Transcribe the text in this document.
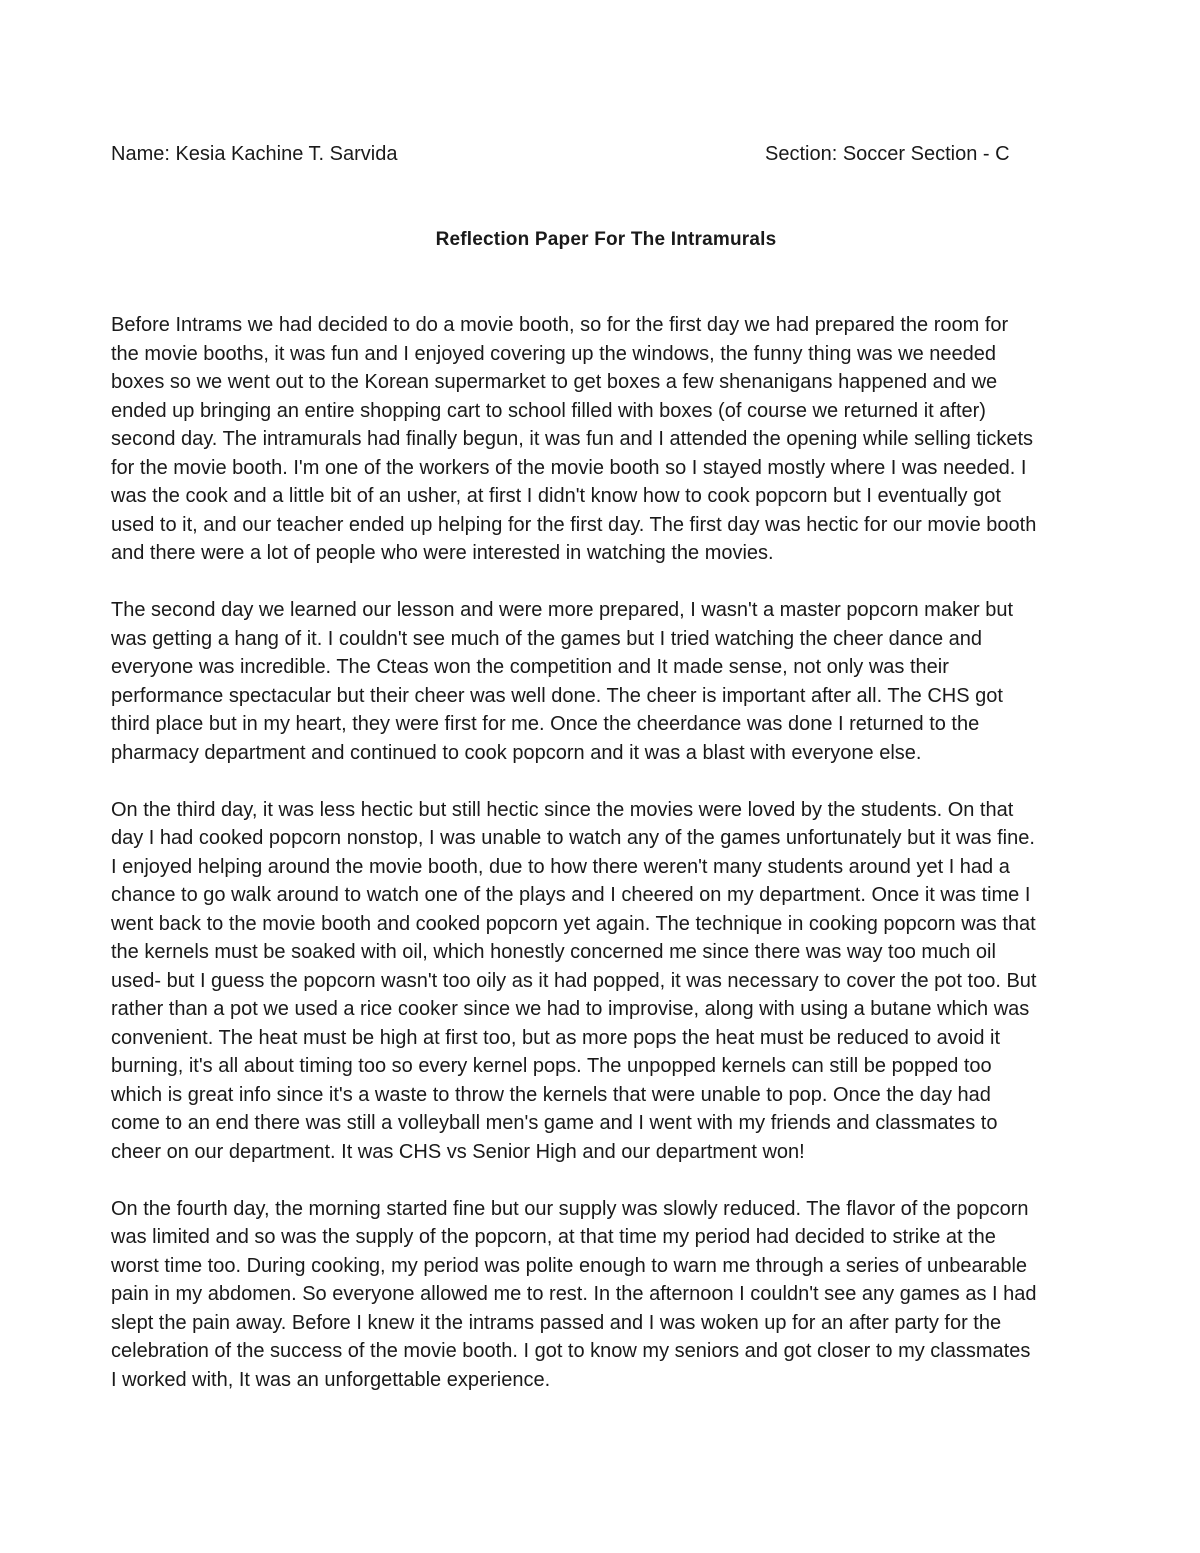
Name: Kesia Kachine T. Sarvida	Section: Soccer Section - C
Reflection Paper For The Intramurals

Before Intrams we had decided to do a movie booth, so for the first day we had prepared the room for
the movie booths, it was fun and I enjoyed covering up the windows, the funny thing was we needed
boxes so we went out to the Korean supermarket to get boxes a few shenanigans happened and we
ended up bringing an entire shopping cart to school filled with boxes (of course we returned it after)
second day. The intramurals had finally begun, it was fun and I attended the opening while selling tickets
for the movie booth. I'm one of the workers of the movie booth so I stayed mostly where I was needed. I
was the cook and a little bit of an usher, at first I didn't know how to cook popcorn but I eventually got
used to it, and our teacher ended up helping for the first day. The first day was hectic for our movie booth
and there were a lot of people who were interested in watching the movies.

The second day we learned our lesson and were more prepared, I wasn't a master popcorn maker but
was getting a hang of it. I couldn't see much of the games but I tried watching the cheer dance and
everyone was incredible. The Cteas won the competition and It made sense, not only was their
performance spectacular but their cheer was well done. The cheer is important after all. The CHS got
third place but in my heart, they were first for me. Once the cheerdance was done I returned to the
pharmacy department and continued to cook popcorn and it was a blast with everyone else.

On the third day, it was less hectic but still hectic since the movies were loved by the students. On that
day I had cooked popcorn nonstop, I was unable to watch any of the games unfortunately but it was fine.
I enjoyed helping around the movie booth, due to how there weren't many students around yet I had a
chance to go walk around to watch one of the plays and I cheered on my department. Once it was time I
went back to the movie booth and cooked popcorn yet again. The technique in cooking popcorn was that
the kernels must be soaked with oil, which honestly concerned me since there was way too much oil
used- but I guess the popcorn wasn't too oily as it had popped, it was necessary to cover the pot too. But
rather than a pot we used a rice cooker since we had to improvise, along with using a butane which was
convenient. The heat must be high at first too, but as more pops the heat must be reduced to avoid it
burning, it's all about timing too so every kernel pops. The unpopped kernels can still be popped too
which is great info since it's a waste to throw the kernels that were unable to pop. Once the day had
come to an end there was still a volleyball men's game and I went with my friends and classmates to
cheer on our department. It was CHS vs Senior High and our department won!

On the fourth day, the morning started fine but our supply was slowly reduced. The flavor of the popcorn
was limited and so was the supply of the popcorn, at that time my period had decided to strike at the
worst time too. During cooking, my period was polite enough to warn me through a series of unbearable
pain in my abdomen. So everyone allowed me to rest. In the afternoon I couldn't see any games as I had
slept the pain away. Before I knew it the intrams passed and I was woken up for an after party for the
celebration of the success of the movie booth. I got to know my seniors and got closer to my classmates
I worked with, It was an unforgettable experience.
